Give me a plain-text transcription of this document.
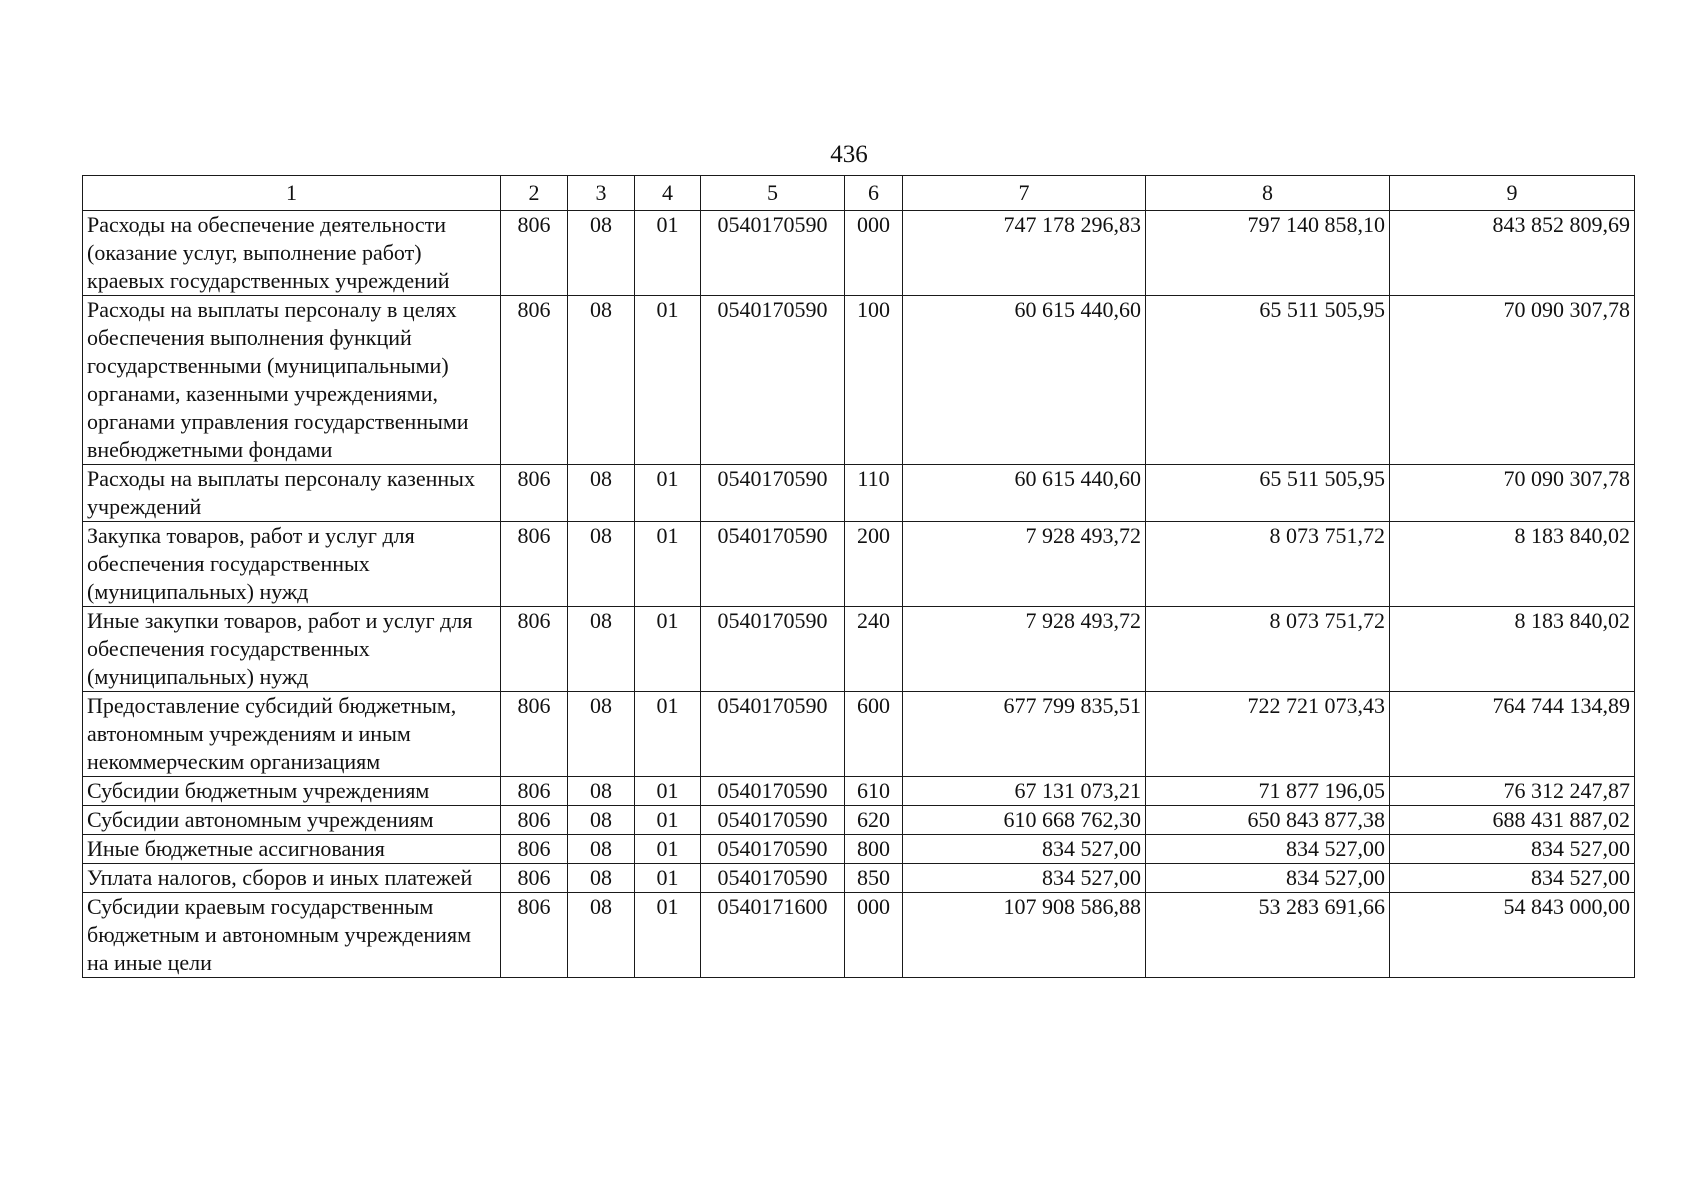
436
1	2	3	4	5	6	7	8	9
Расходы на обеспечение деятельности (оказание услуг, выполнение работ) краевых государственных учреждений	806	08	01	0540170590	000	747 178 296,83	797 140 858,10	843 852 809,69
Расходы на выплаты персоналу в целях обеспечения выполнения функций государственными (муниципальными) органами, казенными учреждениями, органами управления государственными внебюджетными фондами	806	08	01	0540170590	100	60 615 440,60	65 511 505,95	70 090 307,78
Расходы на выплаты персоналу казенных учреждений	806	08	01	0540170590	110	60 615 440,60	65 511 505,95	70 090 307,78
Закупка товаров, работ и услуг для обеспечения государственных (муниципальных) нужд	806	08	01	0540170590	200	7 928 493,72	8 073 751,72	8 183 840,02
Иные закупки товаров, работ и услуг для обеспечения государственных (муниципальных) нужд	806	08	01	0540170590	240	7 928 493,72	8 073 751,72	8 183 840,02
Предоставление субсидий бюджетным, автономным учреждениям и иным некоммерческим организациям	806	08	01	0540170590	600	677 799 835,51	722 721 073,43	764 744 134,89
Субсидии бюджетным учреждениям	806	08	01	0540170590	610	67 131 073,21	71 877 196,05	76 312 247,87
Субсидии автономным учреждениям	806	08	01	0540170590	620	610 668 762,30	650 843 877,38	688 431 887,02
Иные бюджетные ассигнования	806	08	01	0540170590	800	834 527,00	834 527,00	834 527,00
Уплата налогов, сборов и иных платежей	806	08	01	0540170590	850	834 527,00	834 527,00	834 527,00
Субсидии краевым государственным бюджетным и автономным учреждениям на иные цели	806	08	01	0540171600	000	107 908 586,88	53 283 691,66	54 843 000,00
